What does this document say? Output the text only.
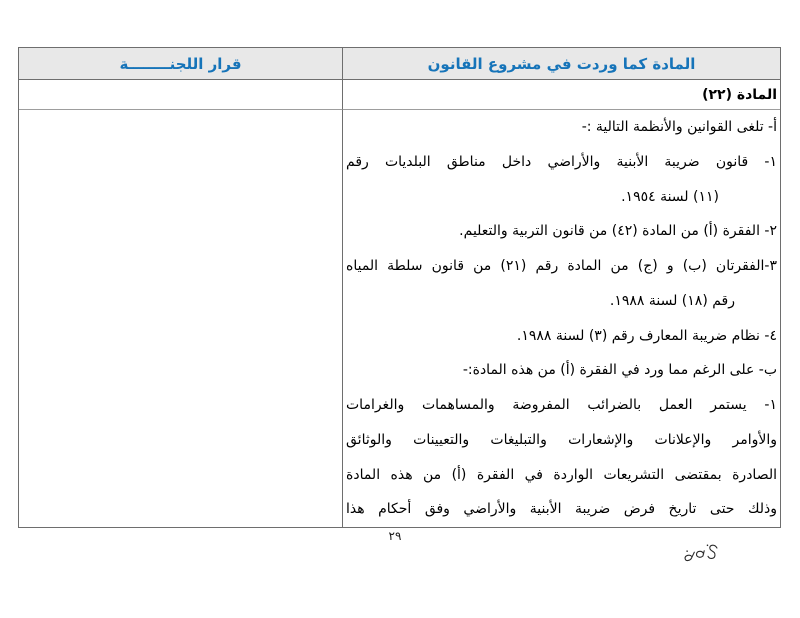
المادة كما وردت في مشروع القانون
قرار اللجنــــــــة
المادة (٢٢)
أ- تلغى القوانين والأنظمة التالية :-
١- قانون ضريبة الأبنية والأراضي داخل مناطق البلديات رقم
(١١) لسنة ١٩٥٤.
٢- الفقرة (أ) من المادة (٤٢) من قانون التربية والتعليم.
٣-الفقرتان (ب) و (ج) من المادة رقم (٢١) من قانون سلطة المياه
رقم (١٨) لسنة ١٩٨٨.
٤- نظام ضريبة المعارف رقم (٣) لسنة ١٩٨٨.
ب- على الرغم مما ورد في الفقرة (أ) من هذه المادة:-
١- يستمر العمل بالضرائب المفروضة والمساهمات والغرامات
والأوامر والإعلانات والإشعارات والتبليغات والتعيينات والوثائق
الصادرة بمقتضى التشريعات الواردة في الفقرة (أ) من هذه المادة
وذلك حتى تاريخ فرض ضريبة الأبنية والأراضي وفق أحكام هذا
٢٩
